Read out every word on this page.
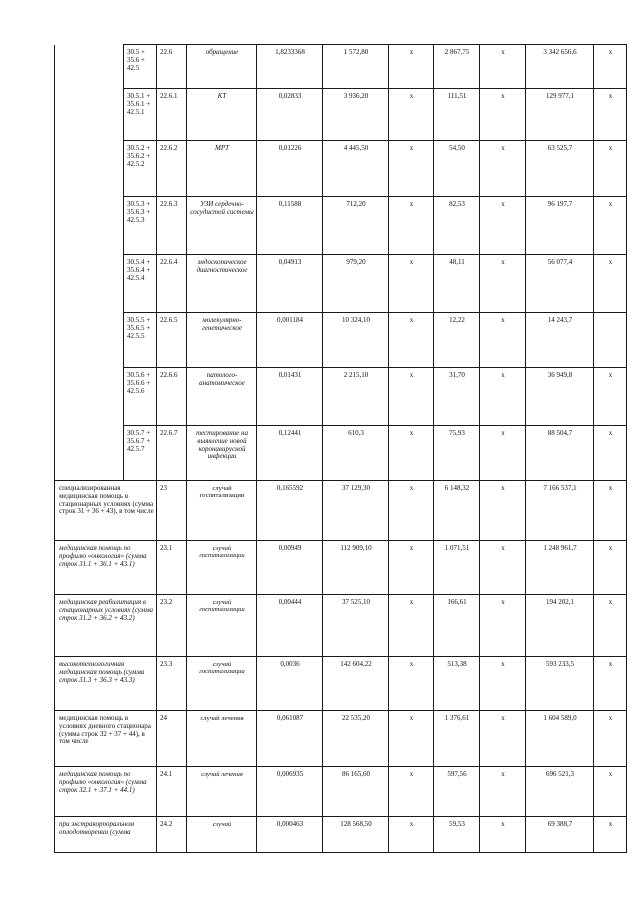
	30.5 + 35.6 + 42.5	22.6	обращение	1,8233368	1 572,80	х	2 867,75	х	3 342 656,6	х
	30.5.1 + 35.6.1 + 42.5.1	22.6.1	КТ	0,02833	3 936,20	х	111,51	х	129 977,1	х
	30.5.2 + 35.6.2 + 42.5.2	22.6.2	МРТ	0,01226	4 445,50	х	54,50	х	63 525,7	х
	30.5.3 + 35.6.3 + 42.5.3	22.6.3	УЗИ сердечно-сосудистой системы	0,11588	712,20	х	82,53	х	96 197,7	х
	30.5.4 + 35.6.4 + 42.5.4	22.6.4	эндоскопическое диагностическое	0,04913	979,20	х	48,11	х	56 077,4	х
	30.5.5 + 35.6.5 + 42.5.5	22.6.5	молекулярно-генетическое	0,001184	10 324,10	х	12,22	х	14 243,7	
	30.5.6 + 35.6.6 + 42.5.6	22.6.6	патолого-анатомическое	0,01431	2 215,10	х	31,70	х	36 949,8	х
	30.5.7 + 35.6.7 + 42.5.7	22.6.7	тестирование на выявление новой коронавирусной инфекции	0,12441	610,3	х	75,93	х	88 504,7	х
специализированная медицинская помощь в стационарных условиях (сумма строк 31 + 36 + 43), в том числе		23	случай госпитализации	0,165592	37 129,30	х	6 148,32	х	7 166 537,1	х
медицинская помощь по профилю «онкология» (сумма строк 31.1 + 36.1 + 43.1)		23.1	случай госпитализации	0,00949	112 909,10	х	1 071,51	х	1 248 961,7	х
медицинская реабилитация в стационарных условиях (сумма строк 31.2 + 36.2 + 43.2)		23.2	случай госпитализации	0,00444	37 525,10	х	166,61	х	194 202,1	х
высокотехнологичная медицинская помощь (сумма строк 31.3 + 36.3 + 43.3)		23.3	случай госпитализации	0,0036	142 604,22	х	513,38	х	593 233,5	х
медицинская помощь в условиях дневного стационара (сумма строк 32 + 37 + 44), в том числе		24	случай лечения	0,061087	22 535,20	х	1 376,61	х	1 604 589,0	х
медицинская помощь по профилю «онкология» (сумма строк 32.1 + 37.1 + 44.1)		24.1	случай лечения	0,006935	86 165,60	х	597,56	х	696 521,3	х
при экстракорпоральном оплодотворении (сумма		24.2	случай	0,000463	128 568,50	х	59,53	х	69 388,7	х
